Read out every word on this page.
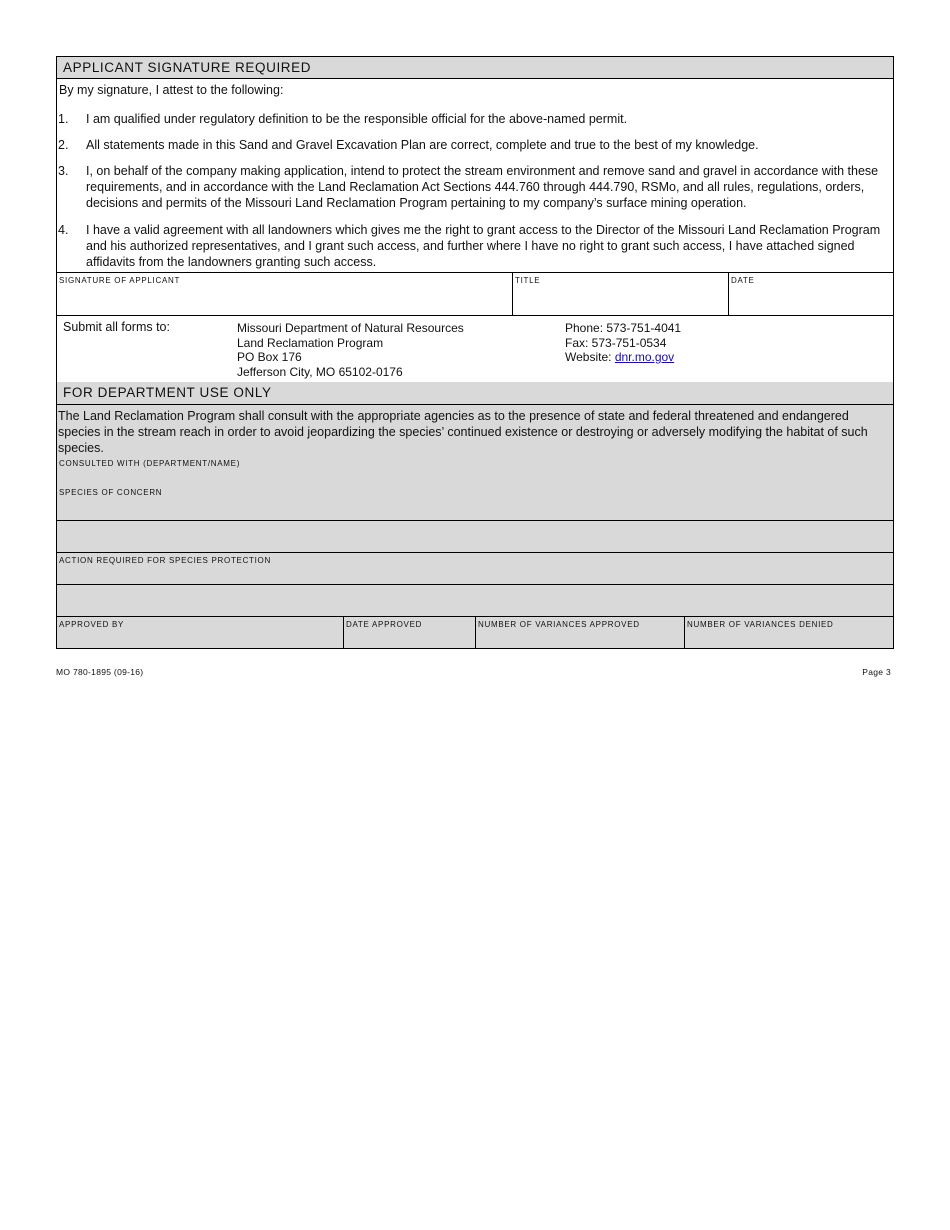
APPLICANT SIGNATURE REQUIRED
By my signature, I attest to the following:
1. I am qualified under regulatory definition to be the responsible official for the above-named permit.
2. All statements made in this Sand and Gravel Excavation Plan are correct, complete and true to the best of my knowledge.
3. I, on behalf of the company making application, intend to protect the stream environment and remove sand and gravel in accordance with these requirements, and in accordance with the Land Reclamation Act Sections 444.760 through 444.790, RSMo, and all rules, regulations, orders, decisions and permits of the Missouri Land Reclamation Program pertaining to my company’s surface mining operation.
4. I have a valid agreement with all landowners which gives me the right to grant access to the Director of the Missouri Land Reclamation Program and his authorized representatives, and I grant such access, and further where I have no right to grant such access, I have attached signed affidavits from the landowners granting such access.
SIGNATURE OF APPLICANT	TITLE	DATE
Submit all forms to:	Missouri Department of Natural Resources
Land Reclamation Program
PO Box 176
Jefferson City, MO 65102-0176
Phone: 573-751-4041
Fax: 573-751-0534
Website: dnr.mo.gov
FOR DEPARTMENT USE ONLY
The Land Reclamation Program shall consult with the appropriate agencies as to the presence of state and federal threatened and endangered species in the stream reach in order to avoid jeopardizing the species’ continued existence or destroying or adversely modifying the habitat of such species.
CONSULTED WITH (DEPARTMENT/NAME)
SPECIES OF CONCERN
ACTION REQUIRED FOR SPECIES PROTECTION
APPROVED BY	DATE APPROVED	NUMBER OF VARIANCES APPROVED	NUMBER OF VARIANCES DENIED
MO 780-1895 (09-16)	Page 3
